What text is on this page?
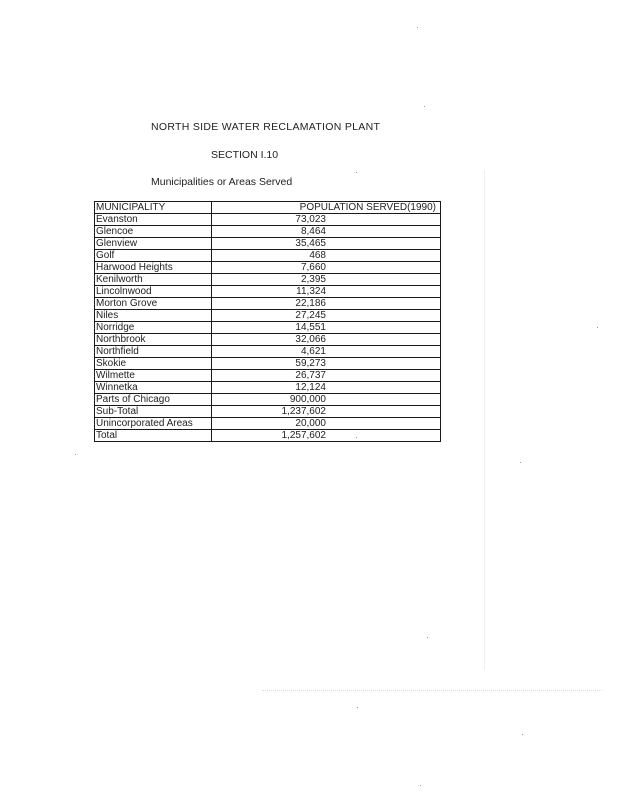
NORTH SIDE WATER RECLAMATION PLANT
SECTION I.10
Municipalities or Areas Served
MUNICIPALITY	POPULATION SERVED(1990)
Evanston	73,023
Glencoe	8,464
Glenview	35,465
Golf	468
Harwood Heights	7,660
Kenilworth	2,395
Lincolnwood	11,324
Morton Grove	22,186
Niles	27,245
Norridge	14,551
Northbrook	32,066
Northfield	4,621
Skokie	59,273
Wilmette	26,737
Winnetka	12,124
Parts of Chicago	900,000
Sub-Total	1,237,602
Unincorporated Areas	20,000
Total	1,257,602
